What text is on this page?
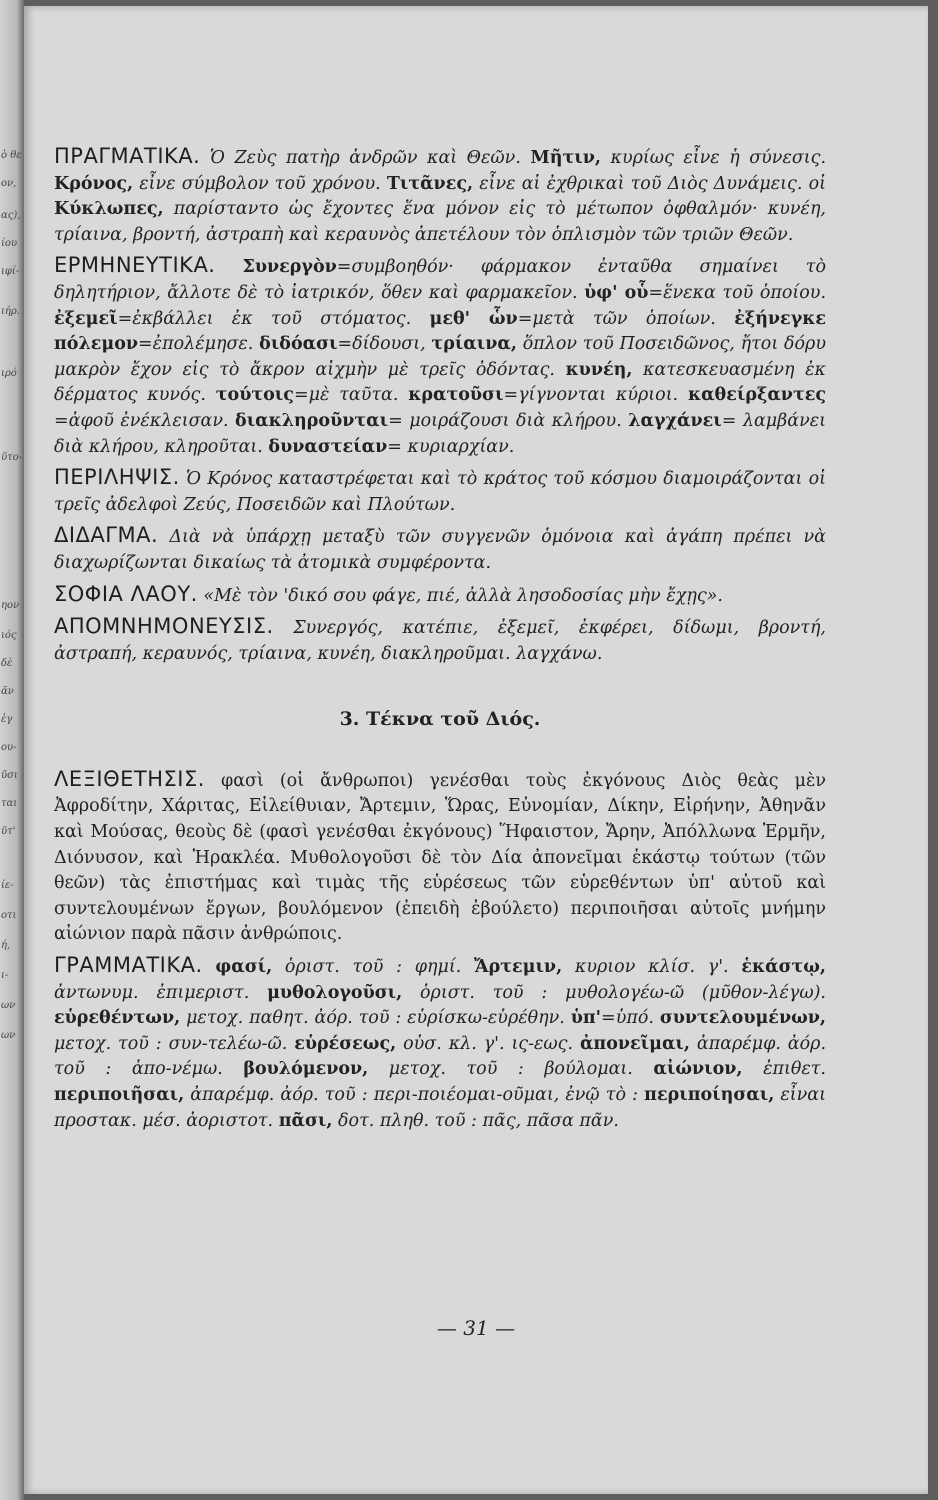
ὁ θε
ον,
ας),
ίου
ιφί-
ιήρ.
ιρό
ῦτο-
ηον
ιός
δὲ
ᾶν
ἐγ
ου-
ῦσι
ται
ῦτ'
ίε-
οτι
ή,
ι-
ων
ων

ΠΡΑΓΜΑΤΙΚΑ. Ὁ Ζεὺς πατὴρ ἀνδρῶν καὶ Θεῶν. Μῆτιν, κυρίως εἶνε ἡ σύνεσις. Κρόνος, εἶνε σύμβολον τοῦ χρόνου. Τιτᾶνες, εἶνε αἱ ἐχθρικαὶ τοῦ Διὸς Δυνάμεις. οἱ Κύκλωπες, παρίσταντο ὡς ἔχοντες ἕνα μόνον εἰς τὸ μέτωπον ὀφθαλμόν· κυνέη, τρίαινα, βροντή, ἀστραπὴ καὶ κεραυνὸς ἀπετέλουν τὸν ὁπλισμὸν τῶν τριῶν Θεῶν.

ΕΡΜΗΝΕΥΤΙΚΑ. Συνεργὸν=συμβοηθόν· φάρμακον ἐνταῦθα σημαίνει τὸ δηλητήριον, ἄλλοτε δὲ τὸ ἰατρικόν, ὅθεν καὶ φαρμακεῖον. ὑφ' οὗ=ἕνεκα τοῦ ὁποίου. ἐξεμεῖ=ἐκβάλλει ἐκ τοῦ στόματος. μεθ' ὧν=μετὰ τῶν ὁποίων. ἐξήνεγκε πόλεμον=ἐπολέμησε. διδόασι=δίδουσι, τρίαινα, ὅπλον τοῦ Ποσειδῶνος, ἤτοι δόρυ μακρὸν ἔχον εἰς τὸ ἄκρον αἰχμὴν μὲ τρεῖς ὀδόντας. κυνέη, κατεσκευασμένη ἐκ δέρματος κυνός. τούτοις=μὲ ταῦτα. κρατοῦσι=γίγνονται κύριοι. καθείρξαντες =ἀφοῦ ἐνέκλεισαν. διακληροῦνται= μοιράζουσι διὰ κλήρου. λαγχάνει= λαμβάνει διὰ κλήρου, κληροῦται. δυναστείαν= κυριαρχίαν.

ΠΕΡΙΛΗΨΙΣ. Ὁ Κρόνος καταστρέφεται καὶ τὸ κράτος τοῦ κόσμου διαμοιράζονται οἱ τρεῖς ἀδελφοὶ Ζεύς, Ποσειδῶν καὶ Πλούτων.

ΔΙΔΑΓΜΑ. Διὰ νὰ ὑπάρχῃ μεταξὺ τῶν συγγενῶν ὁμόνοια καὶ ἀγάπη πρέπει νὰ διαχωρίζωνται δικαίως τὰ ἀτομικὰ συμφέροντα.

ΣΟΦΙΑ ΛΑΟΥ. «Μὲ τὸν 'δικό σου φάγε, πιέ, ἀλλὰ λησοδοσίας μὴν ἔχῃς».

ΑΠΟΜΝΗΜΟΝΕΥΣΙΣ. Συνεργός, κατέπιε, ἐξεμεῖ, ἐκφέρει, δίδωμι, βροντή, ἀστραπή, κεραυνός, τρίαινα, κυνέη, διακληροῦμαι. λαγχάνω.

3. Τέκνα τοῦ Διός.

ΛΕΞΙΘΕΤΗΣΙΣ. φασὶ (οἱ ἄνθρωποι) γενέσθαι τοὺς ἐκγόνους Διὸς θεὰς μὲν Ἀφροδίτην, Χάριτας, Εἰλείθυιαν, Ἄρτεμιν, Ὥρας, Εὐνομίαν, Δίκην, Εἰρήνην, Ἀθηνᾶν καὶ Μούσας, θεοὺς δὲ (φασὶ γενέσθαι ἐκγόνους) Ἥφαιστον, Ἄρην, Ἀπόλλωνα Ἑρμῆν, Διόνυσον, καὶ Ἡρακλέα. Μυθολογοῦσι δὲ τὸν Δία ἀπονεῖμαι ἑκάστῳ τούτων (τῶν θεῶν) τὰς ἐπιστήμας καὶ τιμὰς τῆς εὑρέσεως τῶν εὑρεθέντων ὑπ' αὐτοῦ καὶ συντελουμένων ἔργων, βουλόμενον (ἐπειδὴ ἐβούλετο) περιποιῆσαι αὐτοῖς μνήμην αἰώνιον παρὰ πᾶσιν ἀνθρώποις.

ΓΡΑΜΜΑΤΙΚΑ. φασί, ὁριστ. τοῦ : φημί. Ἄρτεμιν, κυριον κλίσ. γ'. ἑκάστῳ, ἀντωνυμ. ἐπιμεριστ. μυθολογοῦσι, ὁριστ. τοῦ : μυθολογέω-ῶ (μῦθον-λέγω). εὑρεθέντων, μετοχ. παθητ. ἀόρ. τοῦ : εὑρίσκω-εὑρέθην. ὑπ'=ὑπό. συντελουμένων, μετοχ. τοῦ : συν-τελέω-ῶ. εὑρέσεως, οὐσ. κλ. γ'. ις-εως. ἀπονεῖμαι, ἀπαρέμφ. ἀόρ. τοῦ : ἀπο-νέμω. βουλόμενον, μετοχ. τοῦ : βούλομαι. αἰώνιον, ἐπιθετ. περιποιῆσαι, ἀπαρέμφ. ἀόρ. τοῦ : περι-ποιέομαι-οῦμαι, ἐνῷ τὸ : περιποίησαι, εἶναι προστακ. μέσ. ἀοριστοτ. πᾶσι, δοτ. πληθ. τοῦ : πᾶς, πᾶσα πᾶν.

— 31 —
